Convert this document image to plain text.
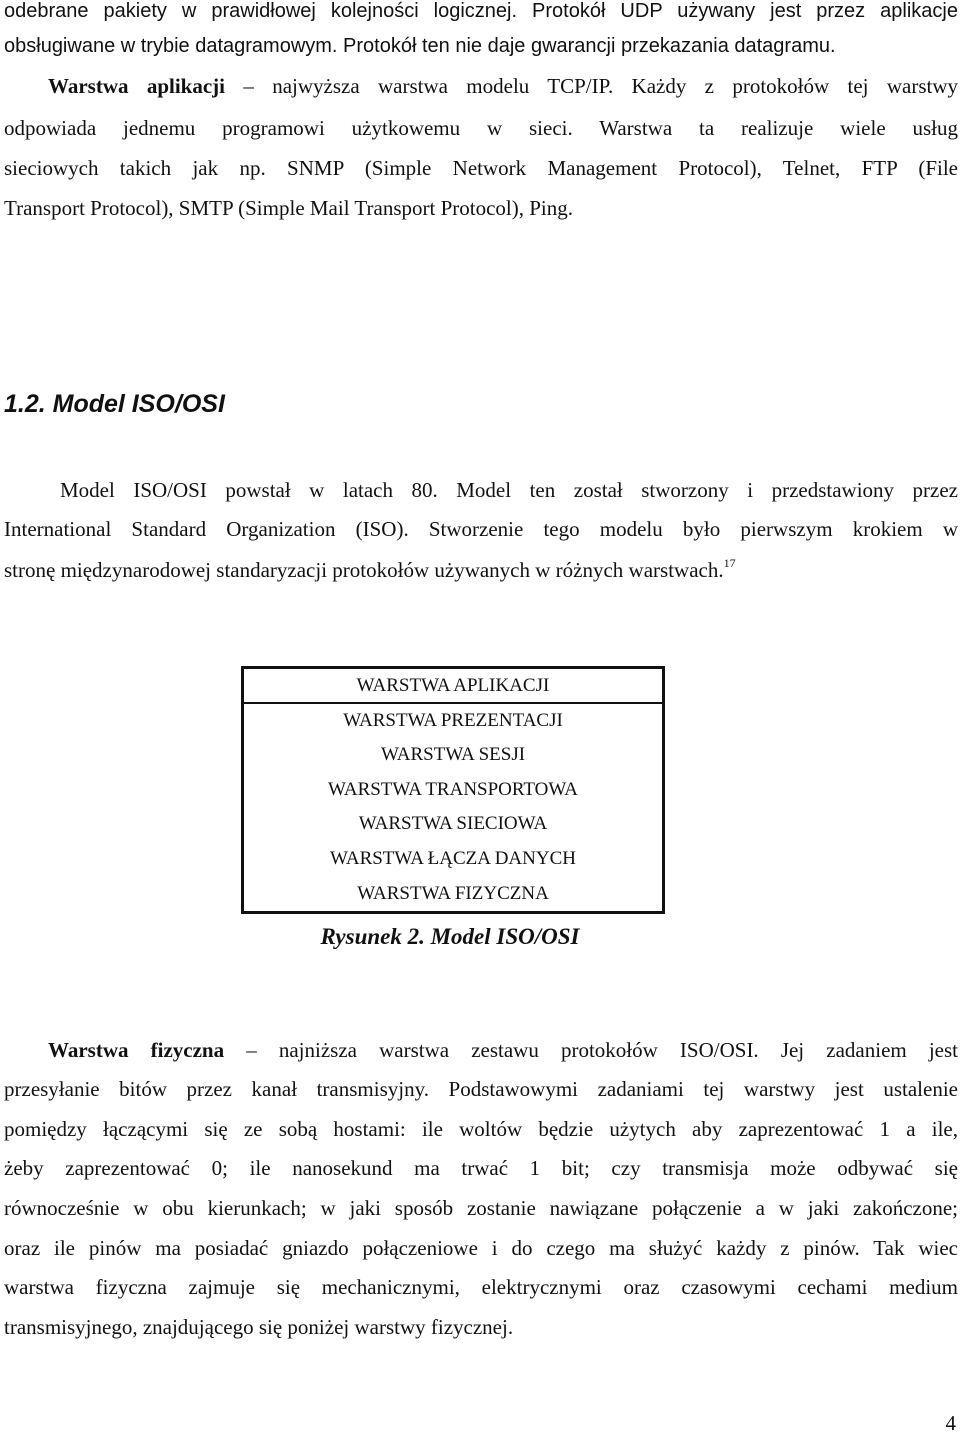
odebrane pakiety w prawidłowej kolejności logicznej. Protokół UDP używany jest przez aplikacje
obsługiwane w trybie datagramowym. Protokół ten nie daje gwarancji przekazania datagramu.
Warstwa aplikacji – najwyższa warstwa modelu TCP/IP. Każdy z protokołów tej warstwy
odpowiada jednemu programowi użytkowemu w sieci. Warstwa ta realizuje wiele usług
sieciowych takich jak np. SNMP (Simple Network Management Protocol), Telnet, FTP (File
Transport Protocol), SMTP (Simple Mail Transport Protocol), Ping.
1.2. Model ISO/OSI
Model ISO/OSI powstał w latach 80. Model ten został stworzony i przedstawiony przez
International Standard Organization (ISO). Stworzenie tego modelu było pierwszym krokiem w
stronę międzynarodowej standaryzacji protokołów używanych w różnych warstwach.$^{17}$
WARSTWA APLIKACJI
WARSTWA PREZENTACJI
WARSTWA SESJI
WARSTWA TRANSPORTOWA
WARSTWA SIECIOWA
WARSTWA ŁĄCZA DANYCH
WARSTWA FIZYCZNA
Rysunek 2. Model ISO/OSI
Warstwa fizyczna – najniższa warstwa zestawu protokołów ISO/OSI. Jej zadaniem jest
przesyłanie bitów przez kanał transmisyjny. Podstawowymi zadaniami tej warstwy jest ustalenie
pomiędzy łączącymi się ze sobą hostami: ile woltów będzie użytych aby zaprezentować 1 a ile,
żeby zaprezentować 0; ile nanosekund ma trwać 1 bit; czy transmisja może odbywać się
równocześnie w obu kierunkach; w jaki sposób zostanie nawiązane połączenie a w jaki zakończone;
oraz ile pinów ma posiadać gniazdo połączeniowe i do czego ma służyć każdy z pinów. Tak wiec
warstwa fizyczna zajmuje się mechanicznymi, elektrycznymi oraz czasowymi cechami medium
transmisyjnego, znajdującego się poniżej warstwy fizycznej.
4
